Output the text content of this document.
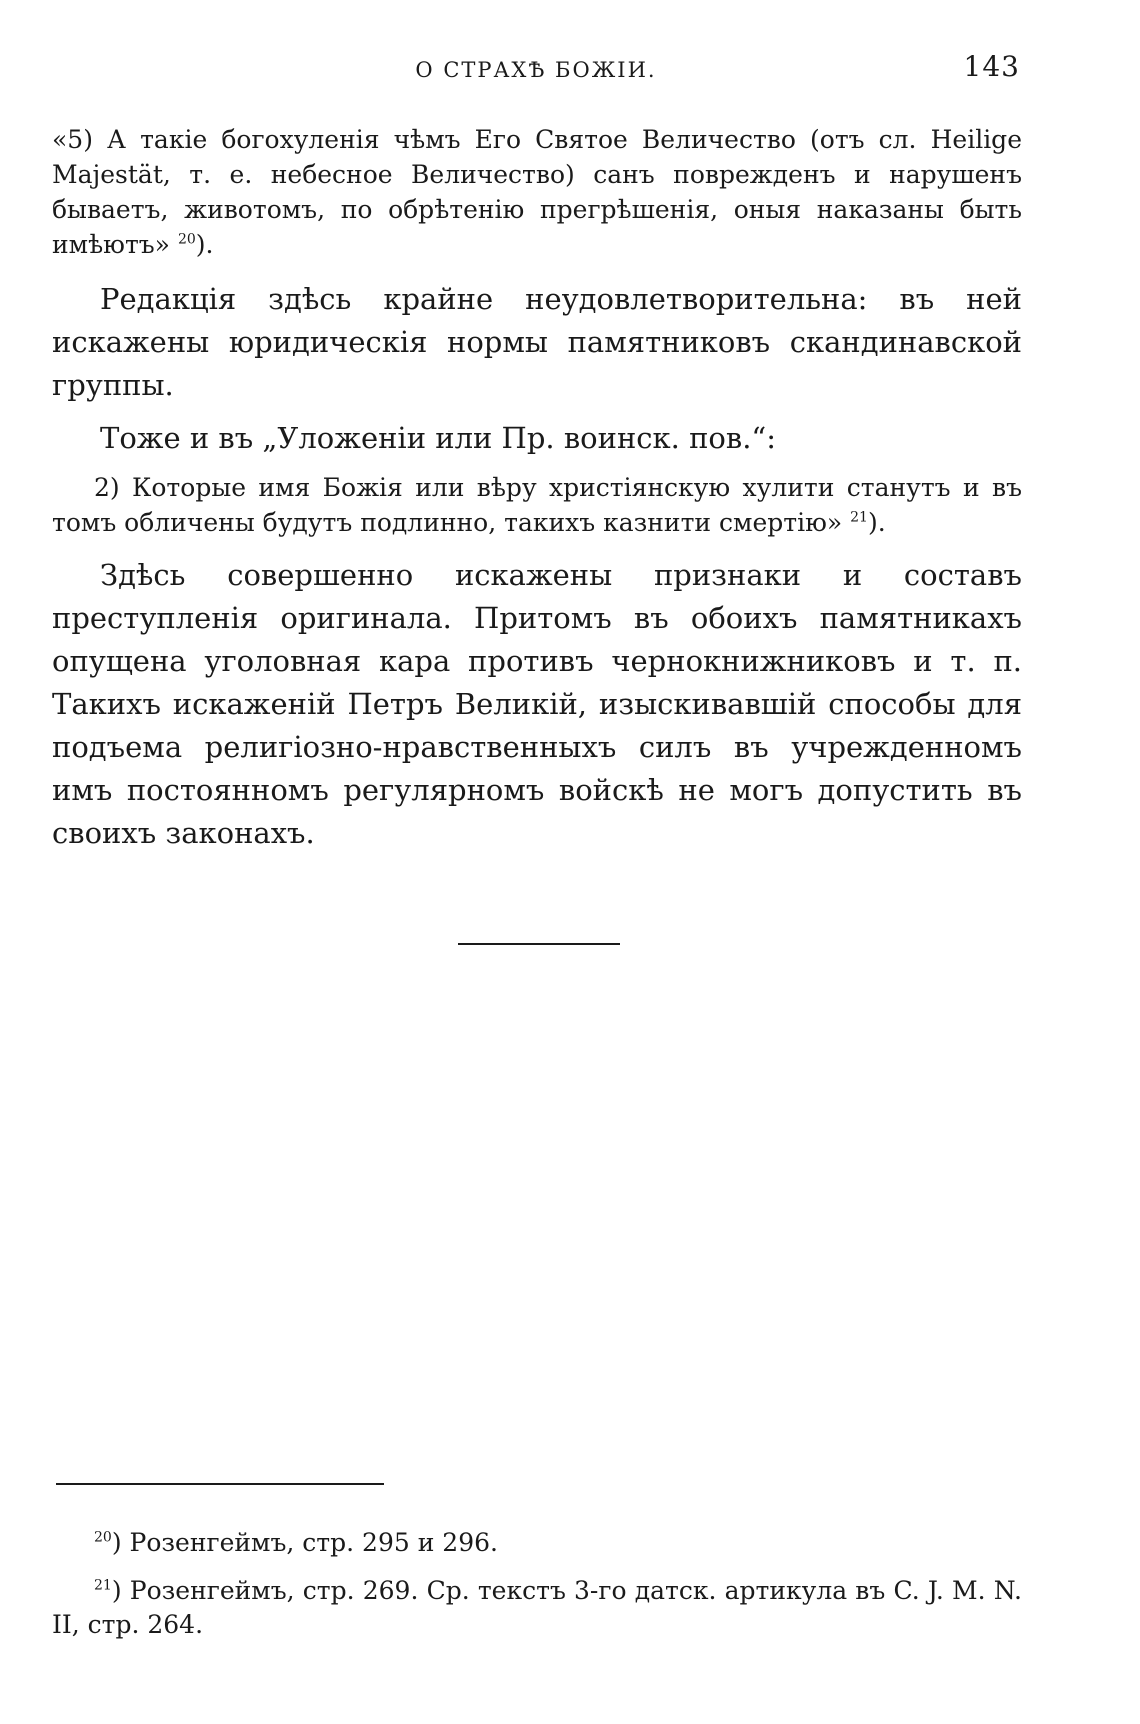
О СТРАХѢ БОЖIИ.	143

«5) А такiе богохуленiя чѣмъ Его Святое Величество (отъ сл. Heilige Majestät, т. е. небесное Величество) санъ поврежденъ и нарушенъ бываетъ, животомъ, по обрѣтенiю прегрѣшенiя, оныя наказаны быть имѣютъ» $^{20}$).

Редакцiя здѣсь крайне неудовлетворительна: въ ней искажены юридическiя нормы памятниковъ скандинавской группы.

Тоже и въ „Уложенiи или Пр. воинск. пов.“:

2) Которые имя Божiя или вѣру христiянскую хулити станутъ и въ томъ обличены будутъ подлинно, такихъ казнити смертiю» $^{21}$).

Здѣсь совершенно искажены признаки и составъ преступленiя оригинала. Притомъ въ обоихъ памятникахъ опущена уголовная кара противъ чернокнижниковъ и т. п. Такихъ искаженiй Петръ Великiй, изыскивавшiй способы для подъема религiозно-нравственныхъ силъ въ учрежденномъ имъ постоянномъ регулярномъ войскѣ не могъ допустить въ своихъ законахъ.

$^{20}$) Розенгеймъ, стр. 295 и 296.

$^{21}$) Розенгеймъ, стр. 269. Ср. текстъ 3-го датск. артикула въ C. J. M. N. II, стр. 264.
